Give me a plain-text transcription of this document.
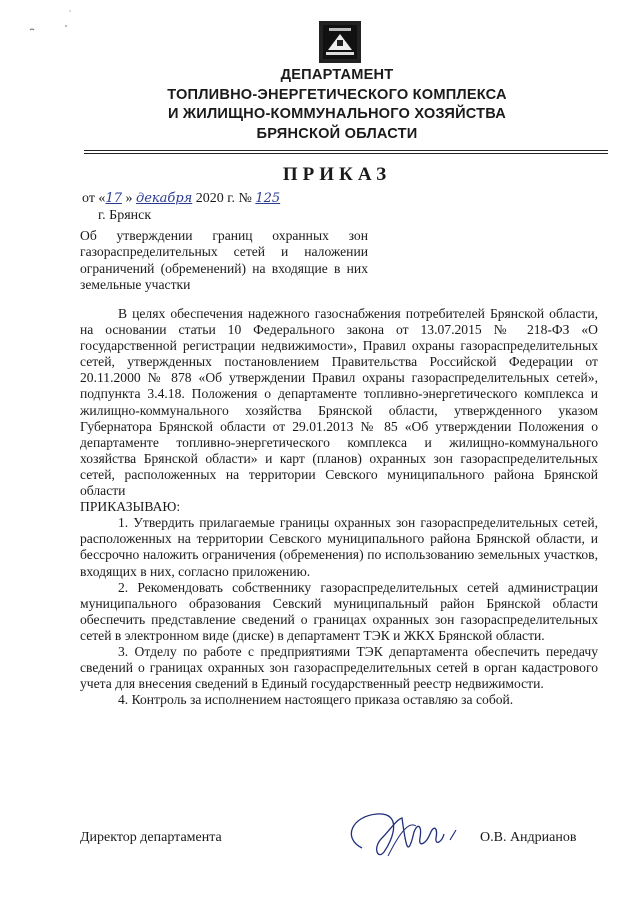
ДЕПАРТАМЕНТ
ТОПЛИВНО-ЭНЕРГЕТИЧЕСКОГО КОМПЛЕКСА
И ЖИЛИЩНО-КОММУНАЛЬНОГО ХОЗЯЙСТВА
БРЯНСКОЙ ОБЛАСТИ
ПРИКАЗ
от «17 » декабря 2020 г. № 125
г. Брянск
Об утверждении границ охранных зон газораспределительных сетей и наложении ограничений (обременений) на входящие в них земельные участки

В целях обеспечения надежного газоснабжения потребителей Брянской области, на основании статьи 10 Федерального закона от 13.07.2015 № 218-ФЗ «О государственной регистрации недвижимости», Правил охраны газораспределительных сетей, утвержденных постановлением Правительства Российской Федерации от 20.11.2000 № 878 «Об утверждении Правил охраны газораспределительных сетей», подпункта 3.4.18. Положения о департаменте топливно-энергетического комплекса и жилищно-коммунального хозяйства Брянской области, утвержденного указом Губернатора Брянской области от 29.01.2013 № 85 «Об утверждении Положения о департаменте топливно-энергетического комплекса и жилищно-коммунального хозяйства Брянской области» и карт (планов) охранных зон газораспределительных сетей, расположенных на территории Севского муниципального района Брянской области

ПРИКАЗЫВАЮ:

1. Утвердить прилагаемые границы охранных зон газораспределительных сетей, расположенных на территории Севского муниципального района Брянской области, и бессрочно наложить ограничения (обременения) по использованию земельных участков, входящих в них, согласно приложению.

2. Рекомендовать собственнику газораспределительных сетей администрации муниципального образования Севский муниципальный район Брянской области обеспечить представление сведений о границах охранных зон газораспределительных сетей в электронном виде (диске) в департамент ТЭК и ЖКХ Брянской области.

3. Отделу по работе с предприятиями ТЭК департамента обеспечить передачу сведений о границах охранных зон газораспределительных сетей в орган кадастрового учета для внесения сведений в Единый государственный реестр недвижимости.

4. Контроль за исполнением настоящего приказа оставляю за собой.

Директор департамента	О.В. Андрианов
